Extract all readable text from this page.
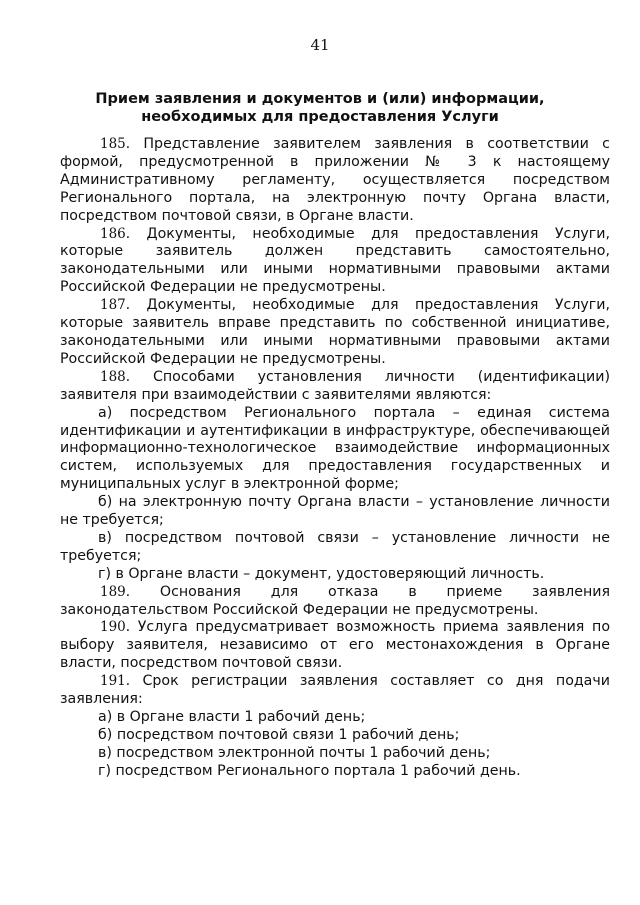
41
Прием заявления и документов и (или) информации,
необходимых для предоставления Услуги

185. Представление заявителем заявления в соответствии с формой, предусмотренной в приложении № 3 к настоящему Административному регламенту, осуществляется посредством Регионального портала, на электронную почту Органа власти, посредством почтовой связи, в Органе власти.

186. Документы, необходимые для предоставления Услуги, которые заявитель должен представить самостоятельно, законодательными или иными нормативными правовыми актами Российской Федерации не предусмотрены.

187. Документы, необходимые для предоставления Услуги, которые заявитель вправе представить по собственной инициативе, законодательными или иными нормативными правовыми актами Российской Федерации не предусмотрены.

188. Способами установления личности (идентификации) заявителя при взаимодействии с заявителями являются:

а) посредством Регионального портала – единая система идентификации и аутентификации в инфраструктуре, обеспечивающей информационно-технологическое взаимодействие информационных систем, используемых для предоставления государственных и муниципальных услуг в электронной форме;

б) на электронную почту Органа власти – установление личности не требуется;

в) посредством почтовой связи – установление личности не требуется;

г) в Органе власти – документ, удостоверяющий личность.

189. Основания для отказа в приеме заявления законодательством Российской Федерации не предусмотрены.

190. Услуга предусматривает возможность приема заявления по выбору заявителя, независимо от его местонахождения в Органе власти, посредством почтовой связи.

191. Срок регистрации заявления составляет со дня подачи заявления:

а) в Органе власти 1 рабочий день;

б) посредством почтовой связи 1 рабочий день;

в) посредством электронной почты 1 рабочий день;

г) посредством Регионального портала 1 рабочий день.
